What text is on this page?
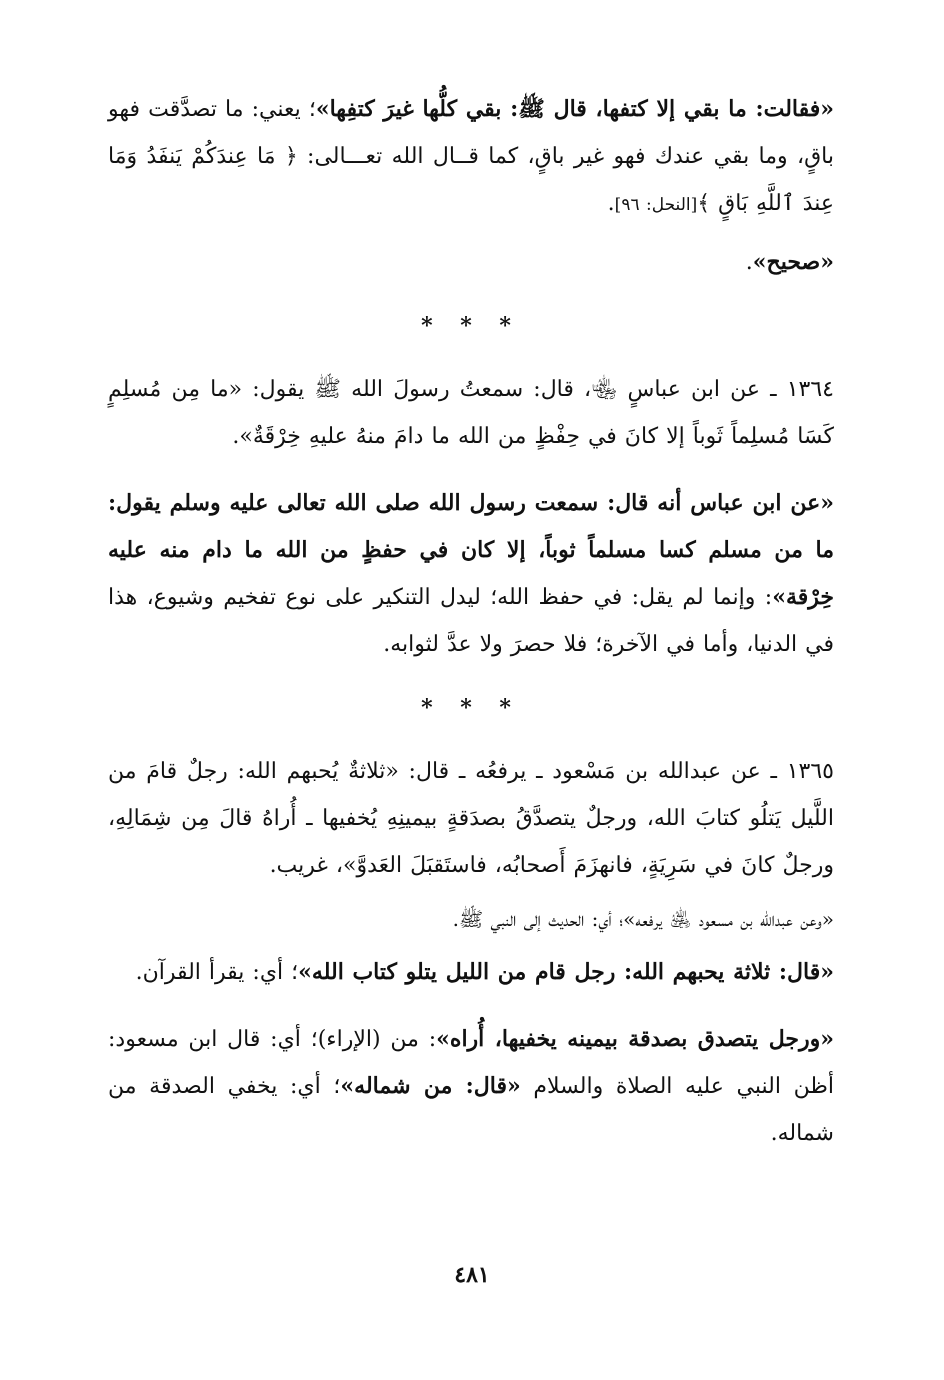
«فقالت: ما بقي إلا كتفها، قال ﷺ: بقي كلُّها غيرَ كتفِها»؛ يعني: ما تصدَّقت فهو باقٍ، وما بقي عندك فهو غير باقٍ، كما قــال الله تعـــالى: ﴿ مَا عِندَكُمْ يَنفَدُ وَمَا عِندَ ٱللَّهِ بَاقٍ ﴾[النحل: ٩٦].

«صحيح».

* * *

١٣٦٤ ـ عن ابن عباسٍ ﵄، قال: سمعتُ رسولَ الله ﷺ يقول: «ما مِن مُسلِمٍ كَسَا مُسلِماً ثَوباً إلا كانَ في حِفْظٍ من الله ما دامَ منهُ عليهِ خِرْقَةٌ».

«عن ابن عباس أنه قال: سمعت رسول الله صلى الله تعالى عليه وسلم يقول: ما من مسلم كسا مسلماً ثوباً، إلا كان في حفظٍ من الله ما دام منه عليه خِرْقة»: وإنما لم يقل: في حفظ الله؛ ليدل التنكير على نوع تفخيم وشيوع، هذا في الدنيا، وأما في الآخرة؛ فلا حصرَ ولا عدَّ لثوابه.

* * *

١٣٦٥ ـ عن عبدالله بن مَسْعود ـ يرفعُه ـ قال: «ثلاثةٌ يُحبهم الله: رجلٌ قامَ من اللَّيل يَتلُو كتابَ الله، ورجلٌ يتصدَّقُ بصدَقةٍ بيمينِهِ يُخفيها ـ أُراهُ قالَ مِن شِمَالِهِ، ورجلٌ كانَ في سَرِيَةٍ، فانهزَمَ أَصحابُه، فاستَقبَلَ العَدوَّ»، غريب.

«وعن عبدالله بن مسعود ﵁ يرفعه»؛ أي: الحديث إلى النبي ﷺ.

«قال: ثلاثة يحبهم الله: رجل قام من الليل يتلو كتاب الله»؛ أي: يقرأ القرآن.

«ورجل يتصدق بصدقة بيمينه يخفيها، أُراه»: من (الإراء)؛ أي: قال ابن مسعود: أظن النبي عليه الصلاة والسلام «قال: من شماله»؛ أي: يخفي الصدقة من شماله.

٤٨١
